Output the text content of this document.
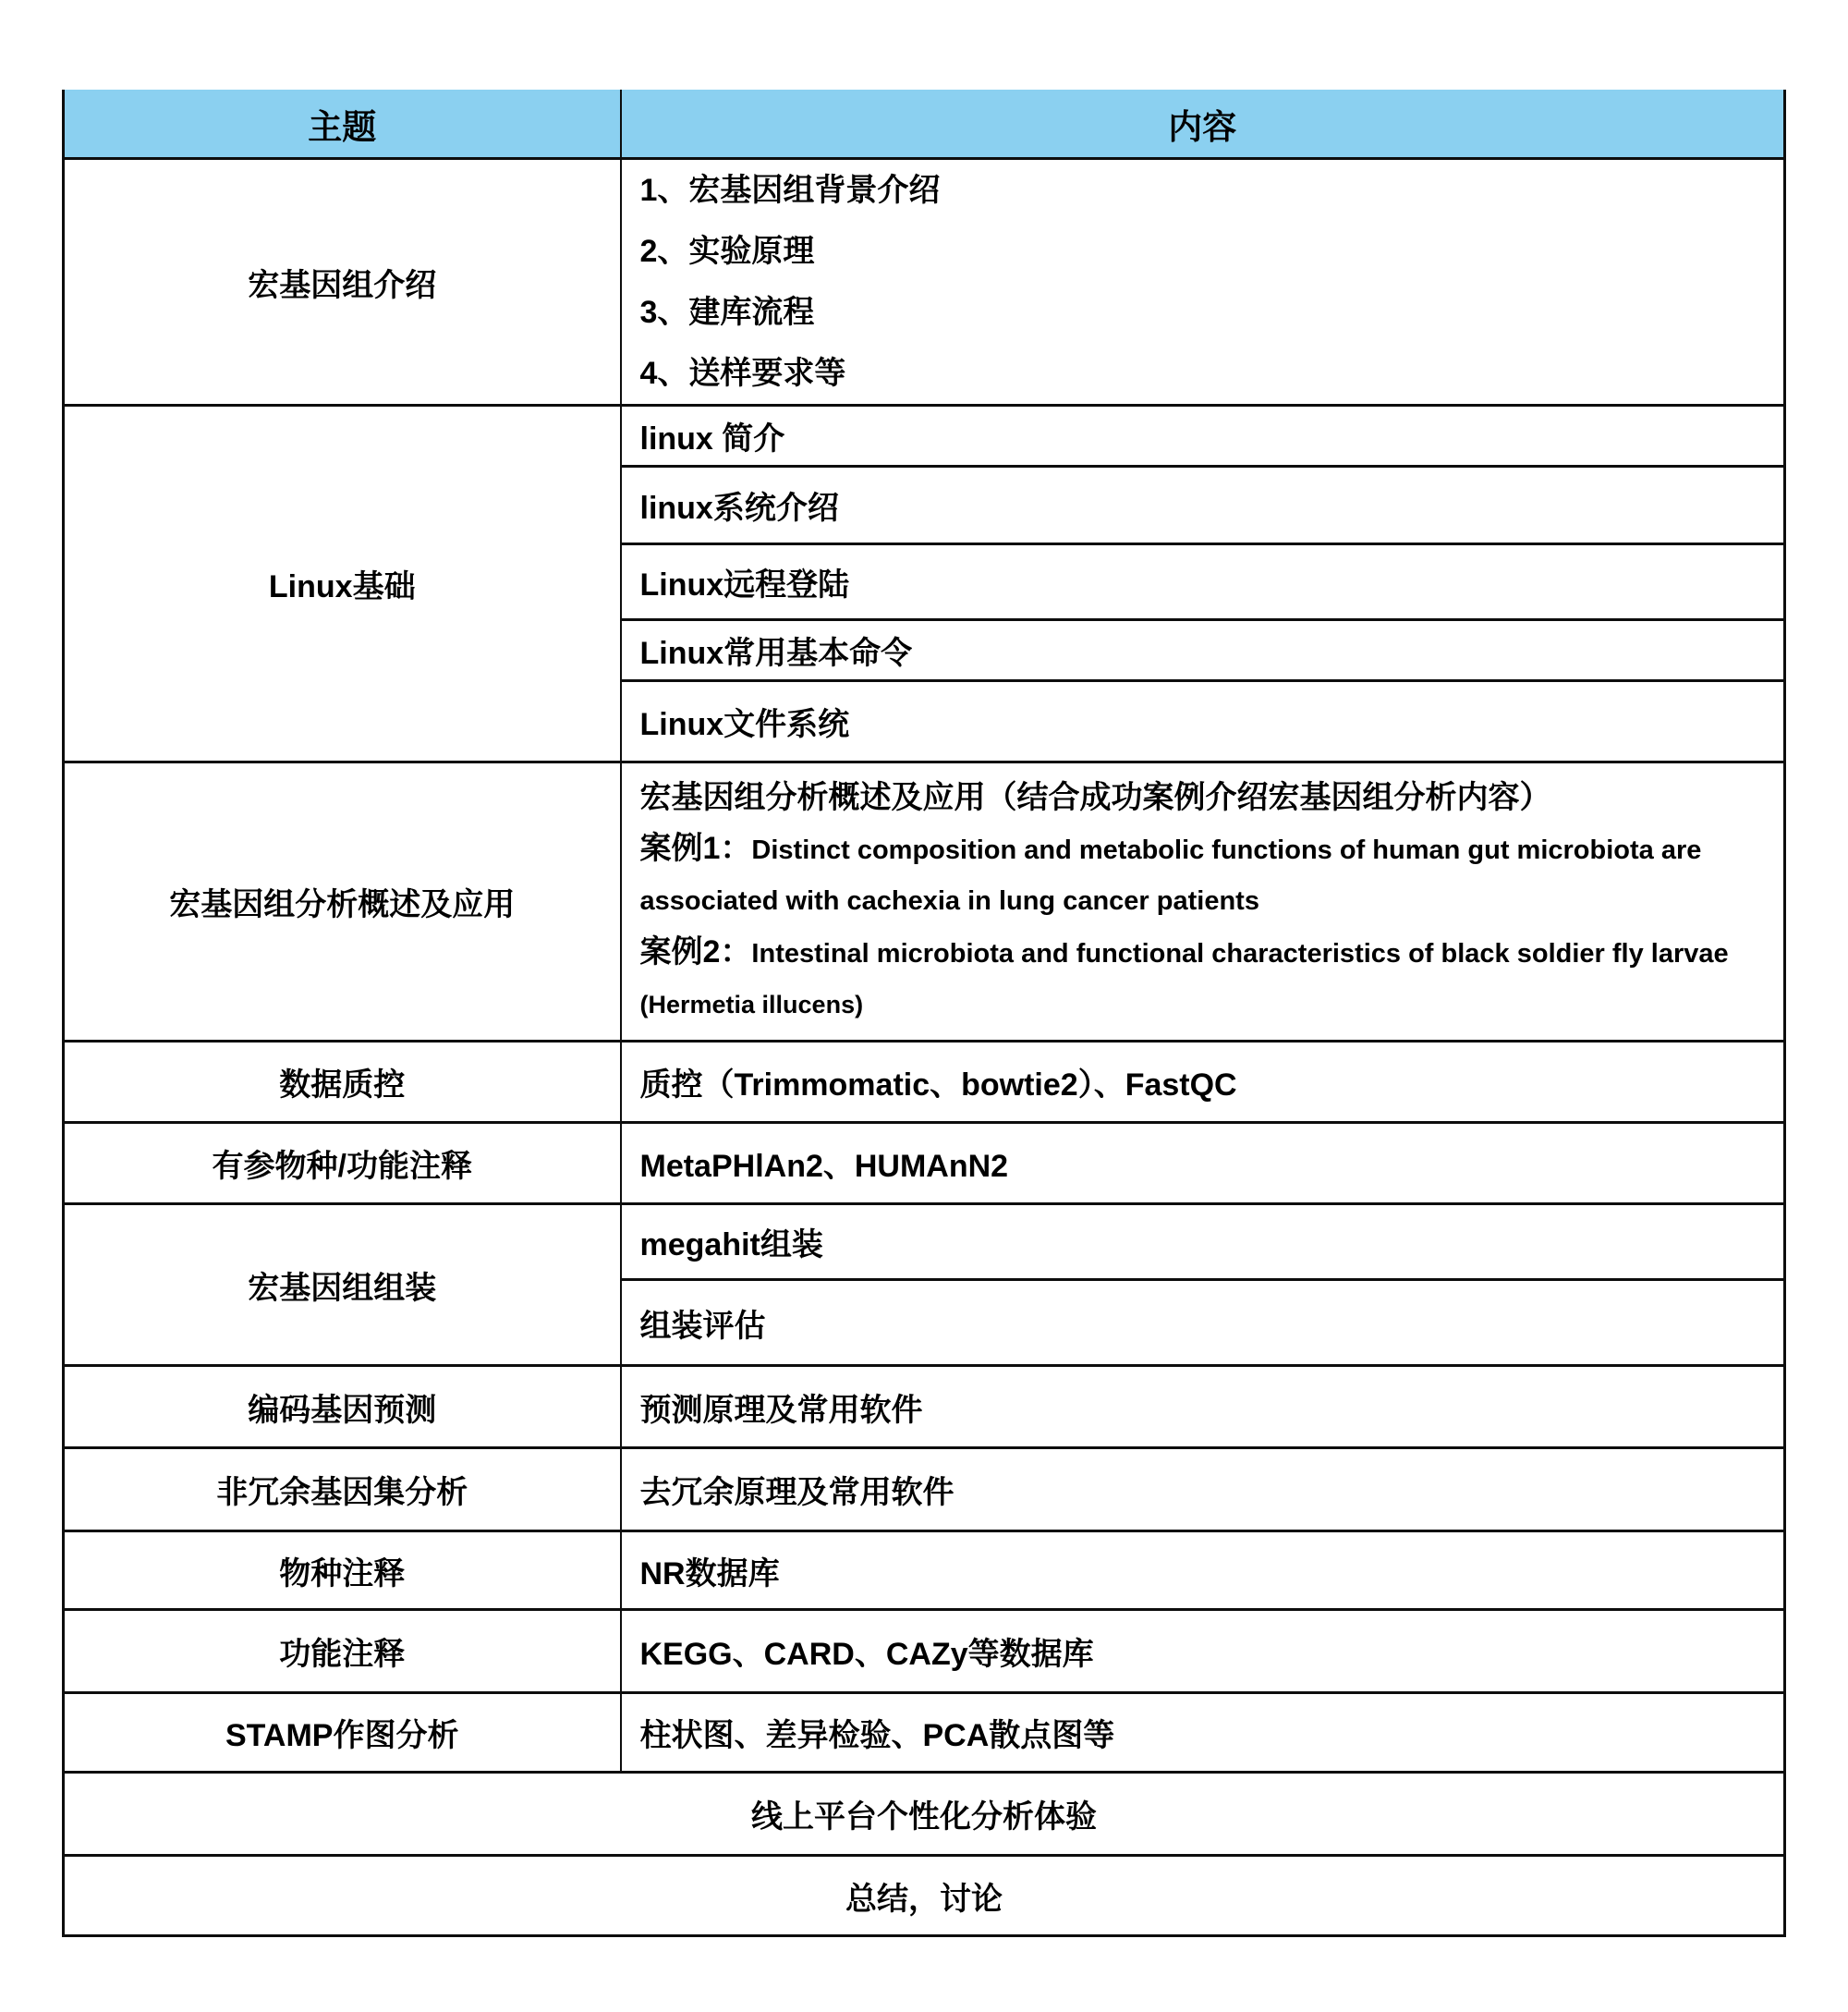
主题	内容
宏基因组介绍	1、宏基因组背景介绍
2、实验原理
3、建库流程
4、送样要求等

Linux基础	linux 简介
	linux系统介绍
	Linux远程登陆
	Linux常用基本命令
	Linux文件系统
宏基因组分析概述及应用	宏基因组分析概述及应用（结合成功案例介绍宏基因组分析内容）
案例1：Distinct composition and metabolic functions of human gut microbiota are
associated with cachexia in lung cancer patients
案例2：Intestinal microbiota and functional characteristics of black soldier fly larvae
(Hermetia illucens)

数据质控	质控（Trimmomatic、bowtie2）、FastQC
有参物种/功能注释	MetaPHlAn2、HUMAnN2
宏基因组组装	megahit组装
	组装评估
编码基因预测	预测原理及常用软件
非冗余基因集分析	去冗余原理及常用软件
物种注释	NR数据库
功能注释	KEGG、CARD、CAZy等数据库
STAMP作图分析	柱状图、差异检验、PCA散点图等
线上平台个性化分析体验	
总结，讨论	
